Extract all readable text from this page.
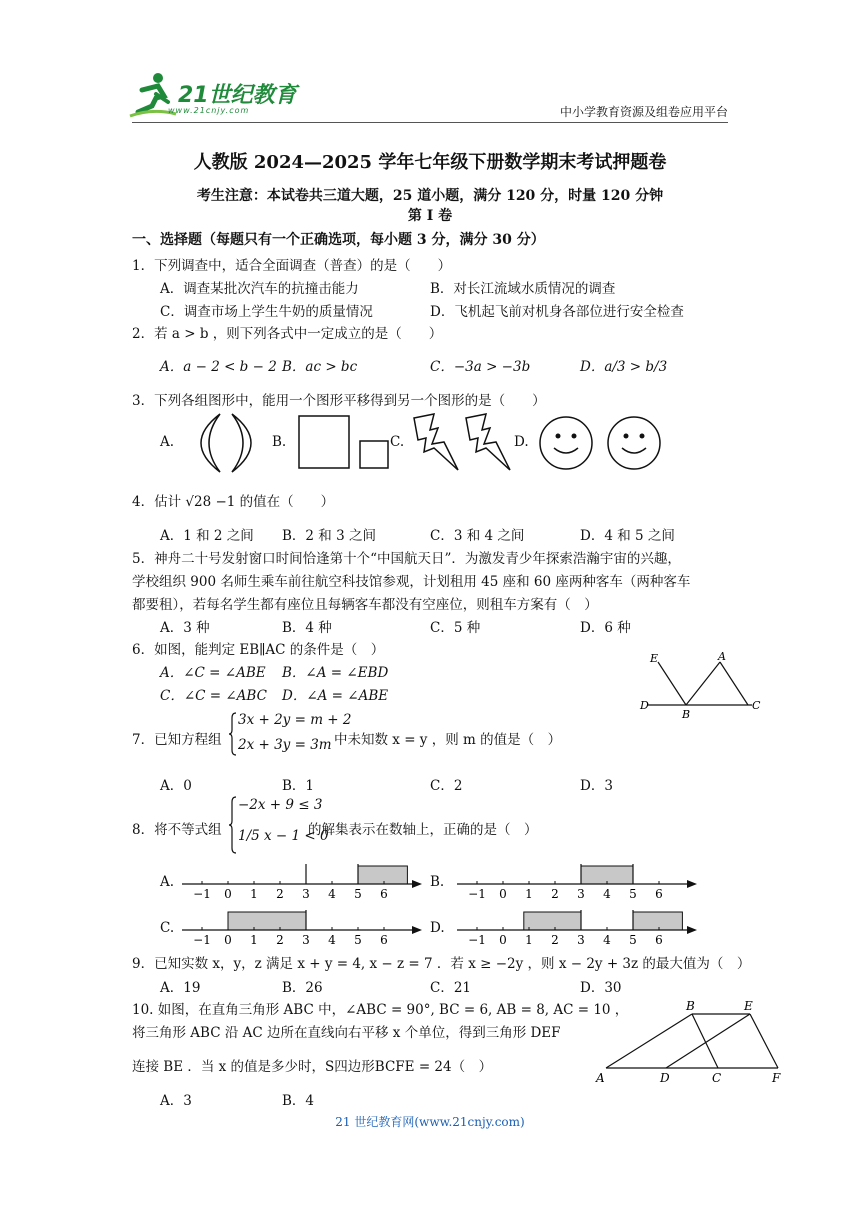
21世纪教育
www.21cnjy.com	中小学教育资源及组卷应用平台
人教版 2024—2025 学年七年级下册数学期末考试押题卷
考生注意：本试卷共三道大题，25 道小题，满分 120 分，时量 120 分钟
第 I 卷
一、选择题（每题只有一个正确选项，每小题 3 分，满分 30 分）
1．下列调查中，适合全面调查（普查）的是（　　）
A．调查某批次汽车的抗撞击能力	B．对长江流域水质情况的调查
C．调查市场上学生牛奶的质量情况	D．飞机起飞前对机身各部位进行安全检查
2．若 a > b ，则下列各式中一定成立的是（　　）
A．a − 2 < b − 2 B．ac > bc	C．−3a > −3b	D．a/3 > b/3
3．下列各组图形中，能用一个图形平移得到另一个图形的是（　　）
A.	B.	C.	D.
4．估计 √28 −1 的值在（　　）
A．1 和 2 之间 B．2 和 3 之间	C．3 和 4 之间	D．4 和 5 之间
5．神舟二十号发射窗口时间恰逢第十个“中国航天日”．为激发青少年探索浩瀚宇宙的兴趣，
学校组织 900 名师生乘车前往航空科技馆参观，计划租用 45 座和 60 座两种客车（两种客车
都要租），若每名学生都有座位且每辆客车都没有空座位，则租车方案有（　）
A．3 种	B．4 种	C．5 种	D．6 种
6．如图，能判定 EB∥AC 的条件是（　）
A．∠C = ∠ABE B．∠A = ∠EBD
C．∠C = ∠ABC D．∠A = ∠ABE
E	A
D
B
C
7．已知方程组
3x + 2y = m + 2
2x + 3y = 3m 中未知数 x = y ，则 m 的值是（　）
A．0	B．1	C．2	D．3
8．将不等式组
−2x + 9 ≤ 3
1/5 x − 1 < 0
的解集表示在数轴上，正确的是（　）
A.
−1 0 1 2 3 4 5 6
B.
−1 0 1 2 3 4 5 6
C.
−1 0 1 2 3 4 5 6
D.
−1 0 1 2 3 4 5 6
9．已知实数 x，y，z 满足 x + y = 4, x − z = 7 ．若 x ≥ −2y ，则 x − 2y + 3z 的最大值为（　）
A．19	B．26	C．21	D．30
10. 如图，在直角三角形 ABC 中，∠ABC = 90°, BC = 6, AB = 8, AC = 10 ，
将三角形 ABC 沿 AC 边所在直线向右平移 x 个单位，得到三角形 DEF
连接 BE ．当 x 的值是多少时，S四边形BCFE = 24（　）
A．3	B．4
B	E
A	D	C	F
21 世纪教育网(www.21cnjy.com)
